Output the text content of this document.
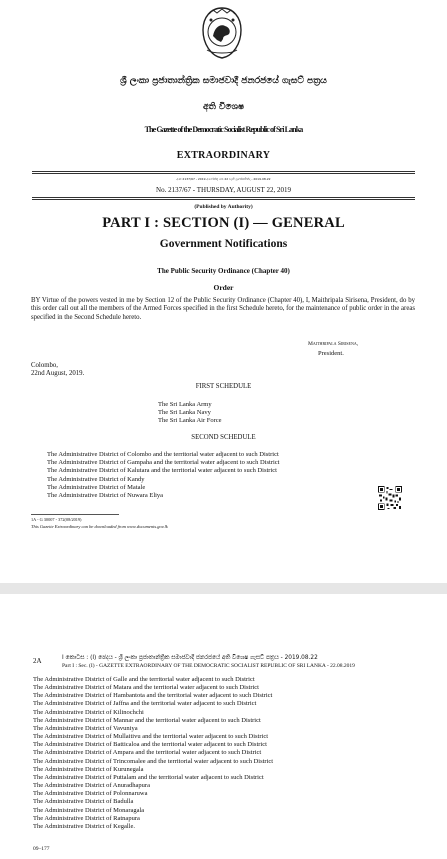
ශ්‍රී ලංකා ප්‍රජාතාන්ත්‍රික සමාජවාදී ජනරජයේ ගැසට් පත්‍රය
අති විශෙෂ
The Gazette of the Democratic Socialist Republic of Sri Lanka
EXTRAORDINARY
අංක 2137/67 - 2019 අගෝස්තු මස 22 වැනි බ්‍රහස්පතින්දා - 2019.08.22
No. 2137/67 - THURSDAY, AUGUST 22, 2019
(Published by Authority)
PART I : SECTION (I) — GENERAL
Government Notifications
The Public Security Ordinance (Chapter 40)
Order
BY Virtue of the powers vested in me by Section 12 of the Public Security Ordinance (Chapter 40), I, Maithripala Sirisena, President, do by this order call out all the members of the Armed Forces specified in the first Schedule hereto, for the maintenance of public order in the areas specified in the Second Schedule hereto.
Maithripala Sirisena,
President.
Colombo,
22nd August, 2019.
FIRST SCHEDULE
The Sri Lanka Army
The Sri Lanka Navy
The Sri Lanka Air Force
SECOND SCHEDULE
The Administrative District of Colombo and the territorial water adjacent to such District
The Administrative District of Gampaha and the territorial water adjacent to such District
The Administrative District of Kalutara and the territorial water adjacent to such District
The Administrative District of Kandy
The Administrative District of Matale
The Administrative District of Nuwara Eliya
1A - G 30007 - 372(08/2019)
This Gazette Extraordinary can be downloaded from www.documents.gov.lk
2A	I කොටස : (I) ඡෙදය - ශ්‍රී ලංකා ප්‍රජාතාන්ත්‍රික සමාජවාදී ජනරජයේ අති විශෙෂ ගැසට් පත්‍රය - 2019.08.22
Part I : Sec. (I) - GAZETTE EXTRAORDINARY OF THE DEMOCRATIC SOCIALIST REPUBLIC OF SRI LANKA - 22.08.2019
The Administrative District of Galle and the territorial water adjacent to such District
The Administrative District of Matara and the territorial water adjacent to such District
The Administrative District of Hambantota and the territorial water adjacent to such District
The Administrative District of Jaffna and the territorial water adjacent to such District
The Administrative District of Kilinochchi
The Administrative District of Mannar and the territorial water adjacent to such District
The Administrative District of Vavuniya
The Administrative District of Mullaitivu and the territorial water adjacent to such District
The Administrative District of Batticaloa and the territorial water adjacent to such District
The Administrative District of Ampara and the territorial water adjacent to such District
The Administrative District of Trincomalee and the territorial water adjacent to such District
The Administrative District of Kurunegala
The Administrative District of Puttalam and the territorial water adjacent to such District
The Administrative District of Anuradhapura
The Administrative District of Polonnaruwa
The Administrative District of Badulla
The Administrative District of Monaragala
The Administrative District of Ratnapura
The Administrative District of Kegalle.
09–177
